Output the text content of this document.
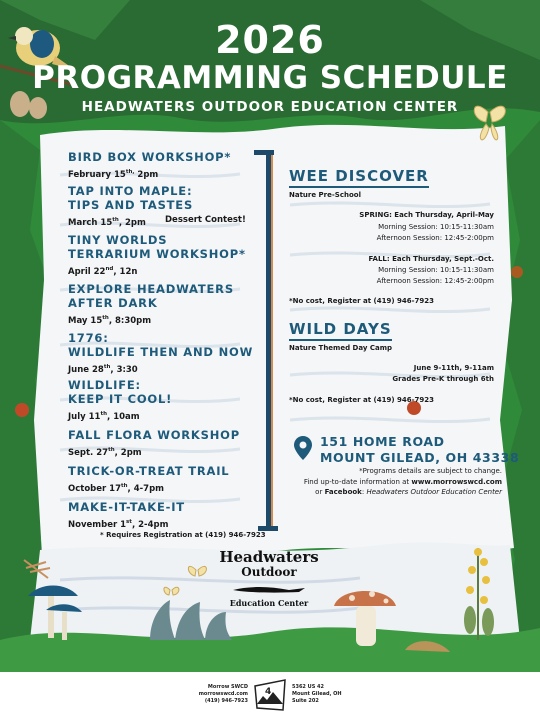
2026
PROGRAMMING SCHEDULE
HEADWATERS OUTDOOR EDUCATION CENTER
BIRD BOX WORKSHOP*
February $15^{th,}$ 2pm
TAP INTO MAPLE:
TIPS AND TASTES
March 15th, 2pm Dessert Contest!
TINY WORLDS
TERRARIUM WORKSHOP*
April 22nd, 12n
EXPLORE HEADWATERS
AFTER DARK
May 15th, 8:30pm
1776:
WILDLIFE THEN AND NOW
June 28th, 3:30
WILDLIFE:
KEEP IT COOL!
July 11th, 10am
FALL FLORA WORKSHOP
Sept. 27th, 2pm
TRICK-OR-TREAT TRAIL
October 17th, 4-7pm
MAKE-IT-TAKE-IT
November 1st, 2-4pm
* Requires Registration at (419) 946-7923
WEE DISCOVER
Nature Pre-School
SPRING: Each Thursday, April-May
Morning Session: 10:15-11:30am
Afternoon Session: 12:45-2:00pm
FALL: Each Thursday, Sept.-Oct.
Morning Session: 10:15-11:30am
Afternoon Session: 12:45-2:00pm
*No cost, Register at (419) 946-7923
WILD DAYS
Nature Themed Day Camp
June 9-11th, 9-11am
Grades Pre-K through 6th
*No cost, Register at (419) 946-7923
151 HOME ROAD
MOUNT GILEAD, OH 43338
*Programs details are subject to change.
Find up-to-date information at www.morrowswcd.com
or Facebook: Headwaters Outdoor Education Center
Headwaters
Outdoor
Education Center
Morrow SWCD
morrowswcd.com
(419) 946-7923
4	5362 US 42
Mount Gilead, OH
Suite 202
